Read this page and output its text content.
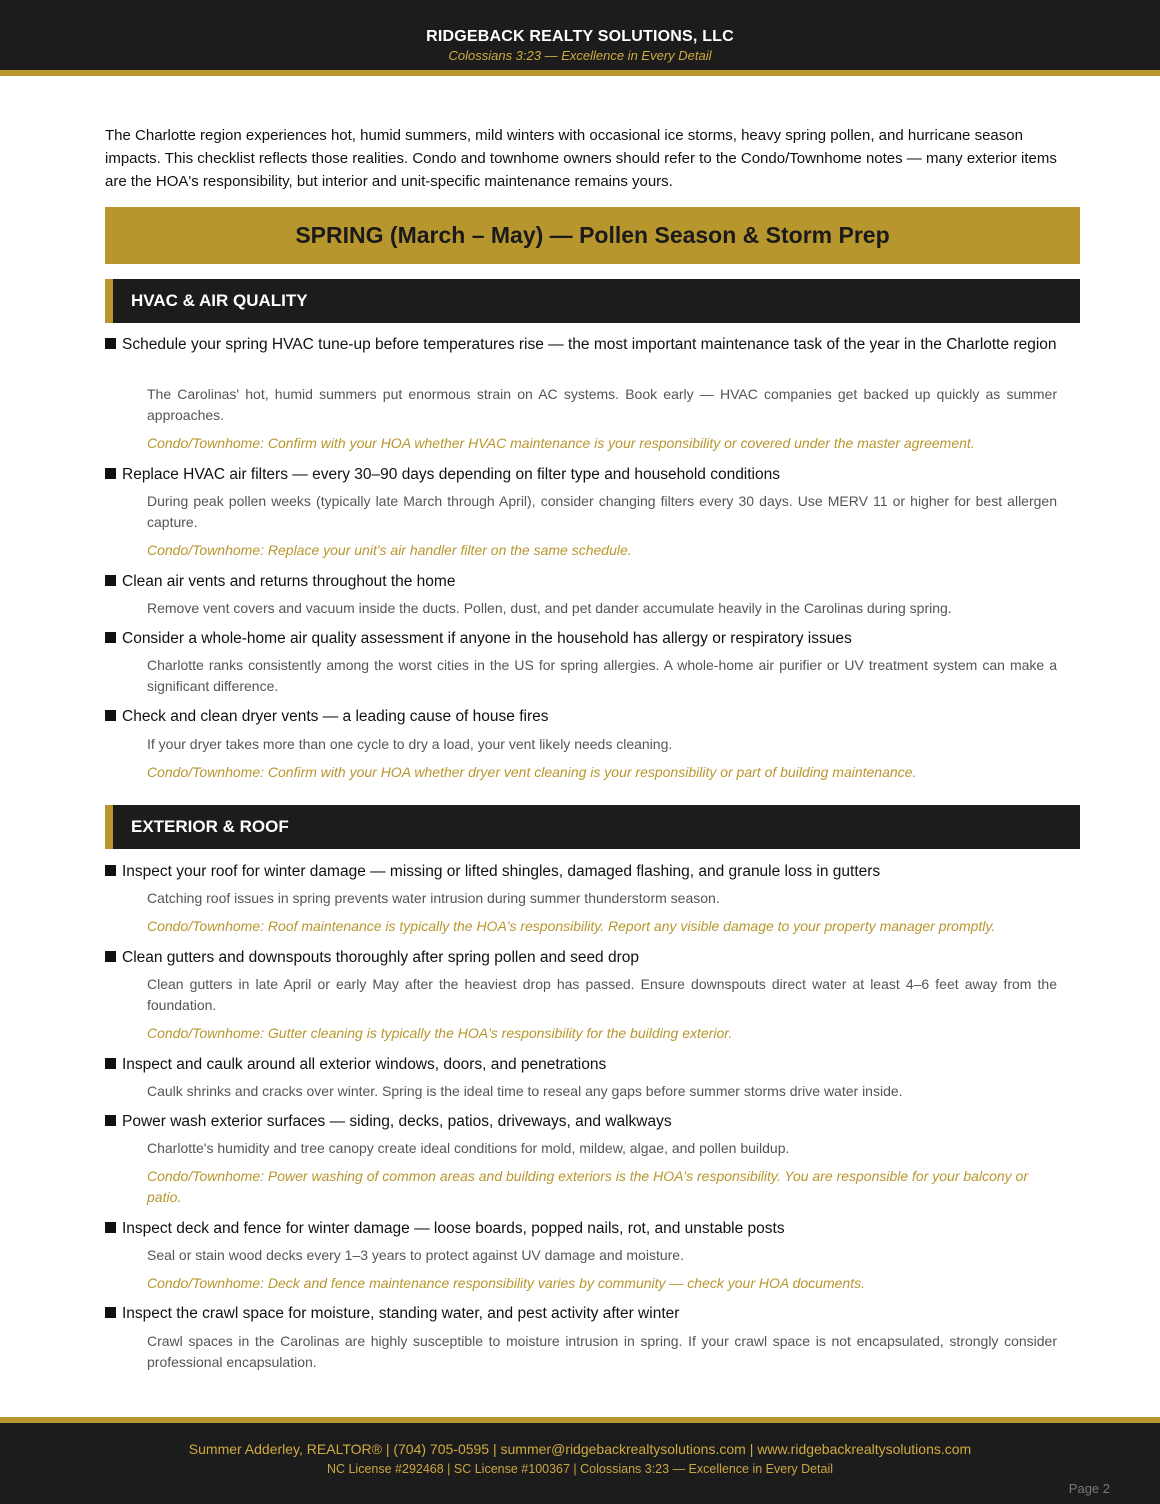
RIDGEBACK REALTY SOLUTIONS, LLC
Colossians 3:23 — Excellence in Every Detail
The Charlotte region experiences hot, humid summers, mild winters with occasional ice storms, heavy spring pollen, and hurricane season impacts. This checklist reflects those realities. Condo and townhome owners should refer to the Condo/Townhome notes — many exterior items are the HOA's responsibility, but interior and unit-specific maintenance remains yours.
SPRING (March – May) — Pollen Season & Storm Prep
HVAC & AIR QUALITY
Schedule your spring HVAC tune-up before temperatures rise — the most important maintenance task of the year in the Charlotte region
The Carolinas' hot, humid summers put enormous strain on AC systems. Book early — HVAC companies get backed up quickly as summer approaches.
Condo/Townhome: Confirm with your HOA whether HVAC maintenance is your responsibility or covered under the master agreement.
Replace HVAC air filters — every 30–90 days depending on filter type and household conditions
During peak pollen weeks (typically late March through April), consider changing filters every 30 days. Use MERV 11 or higher for best allergen capture.
Condo/Townhome: Replace your unit's air handler filter on the same schedule.
Clean air vents and returns throughout the home
Remove vent covers and vacuum inside the ducts. Pollen, dust, and pet dander accumulate heavily in the Carolinas during spring.
Consider a whole-home air quality assessment if anyone in the household has allergy or respiratory issues
Charlotte ranks consistently among the worst cities in the US for spring allergies. A whole-home air purifier or UV treatment system can make a significant difference.
Check and clean dryer vents — a leading cause of house fires
If your dryer takes more than one cycle to dry a load, your vent likely needs cleaning.
Condo/Townhome: Confirm with your HOA whether dryer vent cleaning is your responsibility or part of building maintenance.
EXTERIOR & ROOF
Inspect your roof for winter damage — missing or lifted shingles, damaged flashing, and granule loss in gutters
Catching roof issues in spring prevents water intrusion during summer thunderstorm season.
Condo/Townhome: Roof maintenance is typically the HOA's responsibility. Report any visible damage to your property manager promptly.
Clean gutters and downspouts thoroughly after spring pollen and seed drop
Clean gutters in late April or early May after the heaviest drop has passed. Ensure downspouts direct water at least 4–6 feet away from the foundation.
Condo/Townhome: Gutter cleaning is typically the HOA's responsibility for the building exterior.
Inspect and caulk around all exterior windows, doors, and penetrations
Caulk shrinks and cracks over winter. Spring is the ideal time to reseal any gaps before summer storms drive water inside.
Power wash exterior surfaces — siding, decks, patios, driveways, and walkways
Charlotte's humidity and tree canopy create ideal conditions for mold, mildew, algae, and pollen buildup.
Condo/Townhome: Power washing of common areas and building exteriors is the HOA's responsibility. You are responsible for your balcony or patio.
Inspect deck and fence for winter damage — loose boards, popped nails, rot, and unstable posts
Seal or stain wood decks every 1–3 years to protect against UV damage and moisture.
Condo/Townhome: Deck and fence maintenance responsibility varies by community — check your HOA documents.
Inspect the crawl space for moisture, standing water, and pest activity after winter
Crawl spaces in the Carolinas are highly susceptible to moisture intrusion in spring. If your crawl space is not encapsulated, strongly consider professional encapsulation.
Summer Adderley, REALTOR® | (704) 705-0595 | summer@ridgebackrealtysolutions.com | www.ridgebackrealtysolutions.com
NC License #292468 | SC License #100367 | Colossians 3:23 — Excellence in Every Detail
Page 2
